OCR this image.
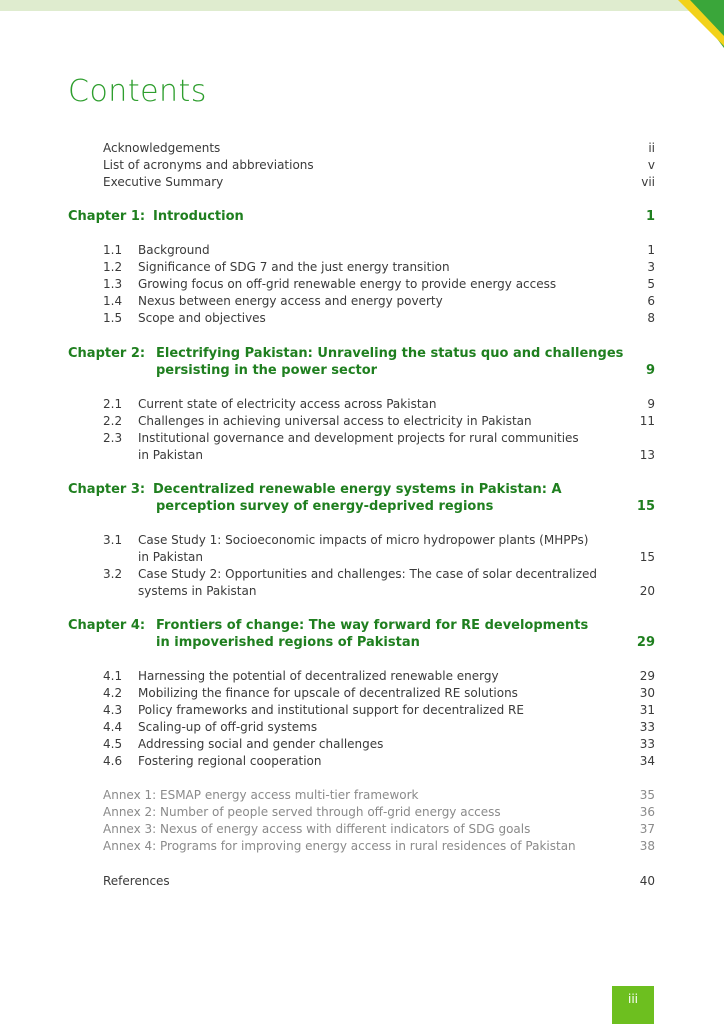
Contents
Acknowledgements	ii
List of acronyms and abbreviations	v
Executive Summary	vii
Chapter 1: Introduction	1
1.1 Background	1
1.2 Significance of SDG 7 and the just energy transition	3
1.3 Growing focus on off-grid renewable energy to provide energy access	5
1.4 Nexus between energy access and energy poverty	6
1.5 Scope and objectives	8
Chapter 2: Electrifying Pakistan: Unraveling the status quo and challenges
persisting in the power sector	9
2.1 Current state of electricity access across Pakistan	9
2.2 Challenges in achieving universal access to electricity in Pakistan	11
2.3 Institutional governance and development projects for rural communities
in Pakistan	13
Chapter 3: Decentralized renewable energy systems in Pakistan: A
perception survey of energy-deprived regions	15
3.1 Case Study 1: Socioeconomic impacts of micro hydropower plants (MHPPs)
in Pakistan	15
3.2 Case Study 2: Opportunities and challenges: The case of solar decentralized
systems in Pakistan	20
Chapter 4: Frontiers of change: The way forward for RE developments
in impoverished regions of Pakistan	29
4.1 Harnessing the potential of decentralized renewable energy	29
4.2 Mobilizing the finance for upscale of decentralized RE solutions	30
4.3 Policy frameworks and institutional support for decentralized RE	31
4.4 Scaling-up of off-grid systems	33
4.5 Addressing social and gender challenges	33
4.6 Fostering regional cooperation	34
Annex 1: ESMAP energy access multi-tier framework	35
Annex 2: Number of people served through off-grid energy access	36
Annex 3: Nexus of energy access with different indicators of SDG goals	37
Annex 4: Programs for improving energy access in rural residences of Pakistan	38
References	40
iii
